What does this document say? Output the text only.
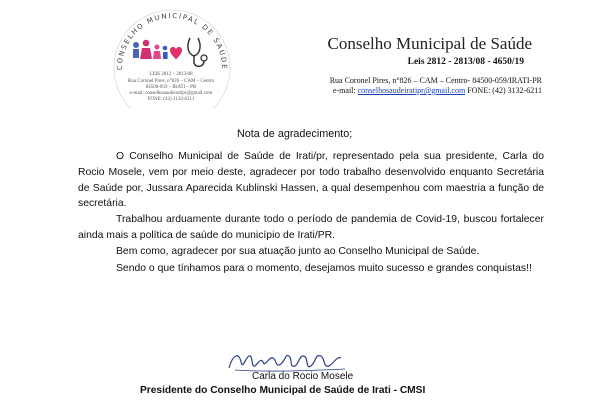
CONSELHO MUNICIPAL DE SAÚDE
LEIS 2812 – 2813/08
Rua Coronel Pires, n°826 – CAM – Centro
84500-059 – IRATI – PR
e-mail: conselhosaudeiratipr@gmail.com
FONE: (42) 3132-6211
Conselho Municipal de Saúde
Leis 2812 - 2813/08 - 4650/19
Rua Coronel Pires, n°826 – CAM – Centro- 84500-059/IRATI-PR
e-mail: conselhosaudeiratipr@gmail.com FONE: (42) 3132-6211
Nota de agradecimento;

O Conselho Municipal de Saúde de Irati/pr, representado pela sua presidente, Carla do Rocio Mosele, vem por meio deste, agradecer por todo trabalho desenvolvido enquanto Secretária de Saúde por, Jussara Aparecida Kublinski Hassen, a qual desempenhou com maestria a função de secretária.

Trabalhou arduamente durante todo o período de pandemia de Covid-19, buscou fortalecer ainda mais a política de saúde do município de Irati/PR.

Bem como, agradecer por sua atuação junto ao Conselho Municipal de Saúde.

Sendo o que tínhamos para o momento, desejamos muito sucesso e grandes conquistas!!

Carla do Rocio Mosele
Presidente do Conselho Municipal de Saúde de Irati - CMSI
